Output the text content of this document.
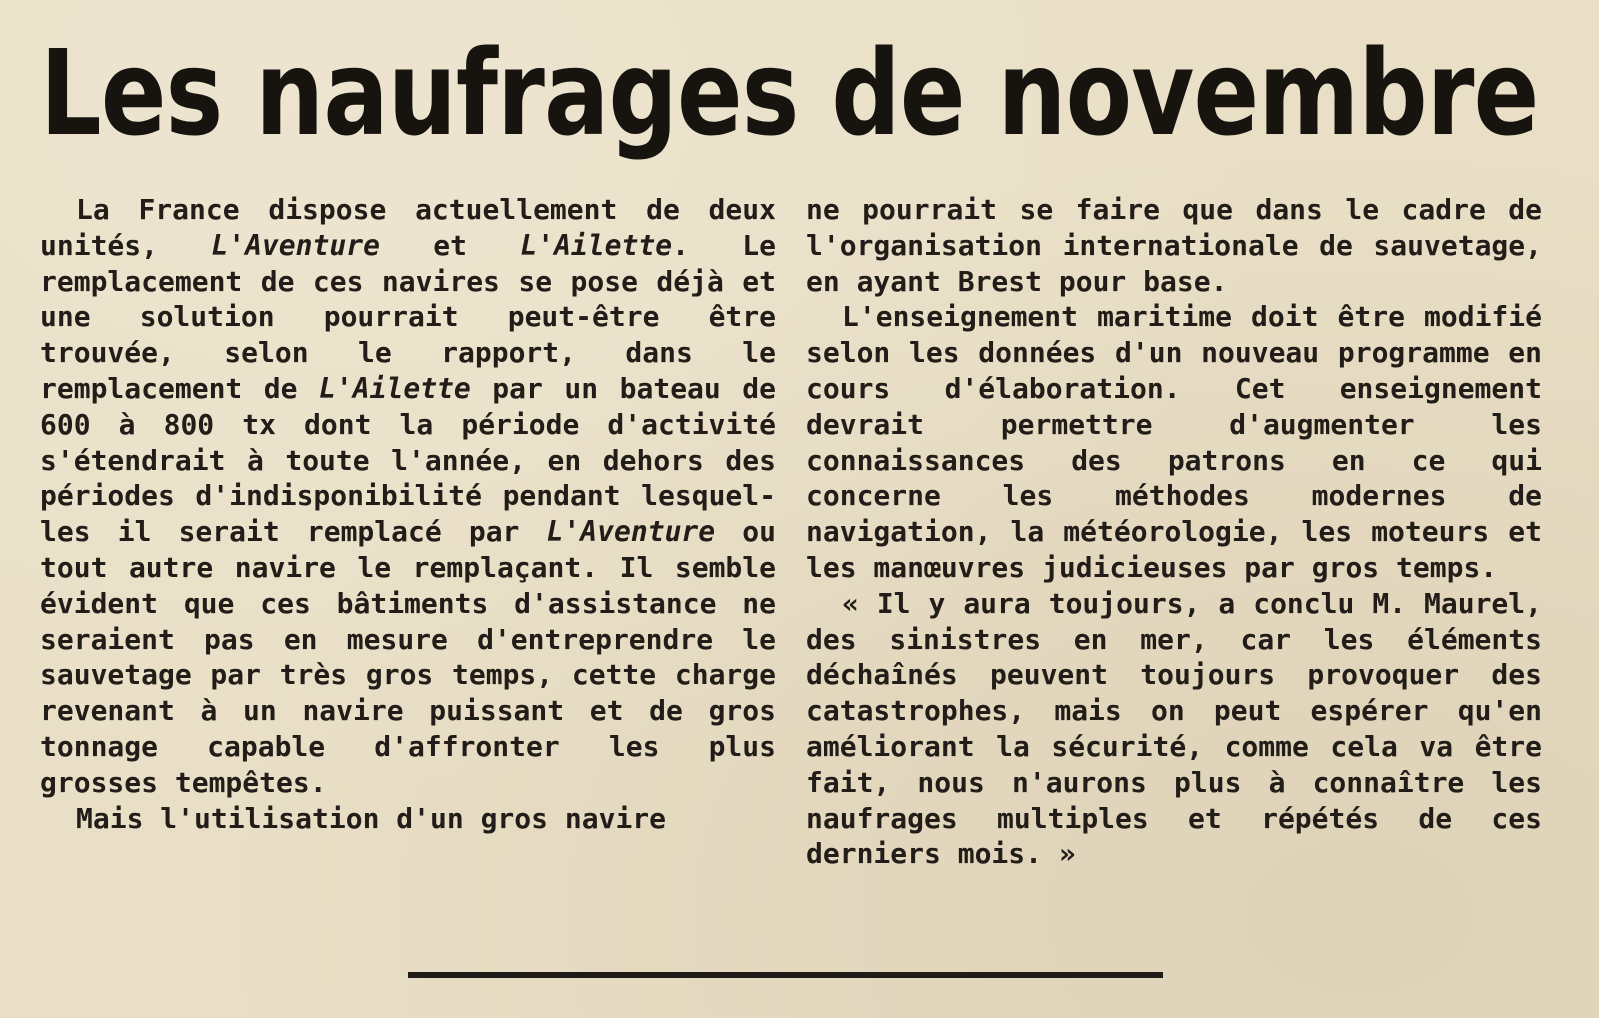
Les naufrages de novembre

La France dispose actuellement de deux unités, L'Aventure et L'Ailette. Le remplacement de ces navires se pose déjà et une solution pourrait peut-être être trouvée, selon le rapport, dans le remplacement de L'Ailette par un bateau de 600 à 800 tx dont la période d'activité s'étendrait à toute l'année, en dehors des périodes d'indisponibilité pendant lesquelles il serait remplacé par L'Aventure ou tout autre navire le remplaçant. Il semble évident que ces bâtiments d'assistance ne seraient pas en mesure d'entreprendre le sauvetage par très gros temps, cette charge revenant à un navire puissant et de gros tonnage capable d'affronter les plus grosses tempêtes.

Mais l'utilisation d'un gros navire

ne pourrait se faire que dans le cadre de l'organisation internationale de sauvetage, en ayant Brest pour base.

L'enseignement maritime doit être modifié selon les données d'un nouveau programme en cours d'élaboration. Cet enseignement devrait permettre d'augmenter les connaissances des patrons en ce qui concerne les méthodes modernes de navigation, la météorologie, les moteurs et les manœuvres judicieuses par gros temps.

« Il y aura toujours, a conclu M. Maurel, des sinistres en mer, car les éléments déchaînés peuvent toujours provoquer des catastrophes, mais on peut espérer qu'en améliorant la sécurité, comme cela va être fait, nous n'aurons plus à connaître les naufrages multiples et répétés de ces derniers mois. »
